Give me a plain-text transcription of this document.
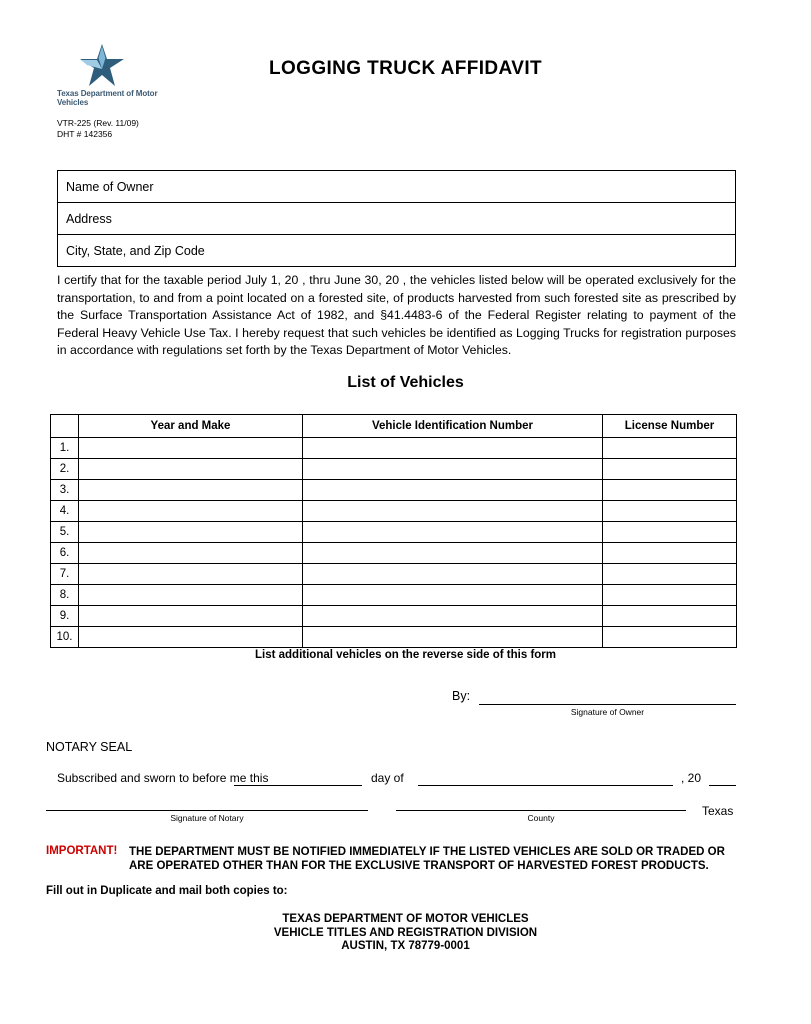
Texas Department of Motor Vehicles
VTR-225 (Rev. 11/09)
DHT # 142356
LOGGING TRUCK AFFIDAVIT
Name of Owner
Address
City, State, and Zip Code
I certify that for the taxable period July 1, 20 , thru June 30, 20 , the vehicles listed below will be operated exclusively for the transportation, to and from a point located on a forested site, of products harvested from such forested site as prescribed by the Surface Transportation Assistance Act of 1982, and §41.4483-6 of the Federal Register relating to payment of the Federal Heavy Vehicle Use Tax. I hereby request that such vehicles be identified as Logging Trucks for registration purposes in accordance with regulations set forth by the Texas Department of Motor Vehicles.
List of Vehicles
	Year and Make	Vehicle Identification Number	License Number
1.			
2.			
3.			
4.			
5.			
6.			
7.			
8.			
9.			
10.			
List additional vehicles on the reverse side of this form
By:
Signature of Owner
NOTARY SEAL
Subscribed and sworn to before me this	day of	, 20
Signature of Notary	County	Texas
IMPORTANT! THE DEPARTMENT MUST BE NOTIFIED IMMEDIATELY IF THE LISTED VEHICLES ARE SOLD OR TRADED OR ARE OPERATED OTHER THAN FOR THE EXCLUSIVE TRANSPORT OF HARVESTED FOREST PRODUCTS.
Fill out in Duplicate and mail both copies to:
TEXAS DEPARTMENT OF MOTOR VEHICLES
VEHICLE TITLES AND REGISTRATION DIVISION
AUSTIN, TX 78779-0001
